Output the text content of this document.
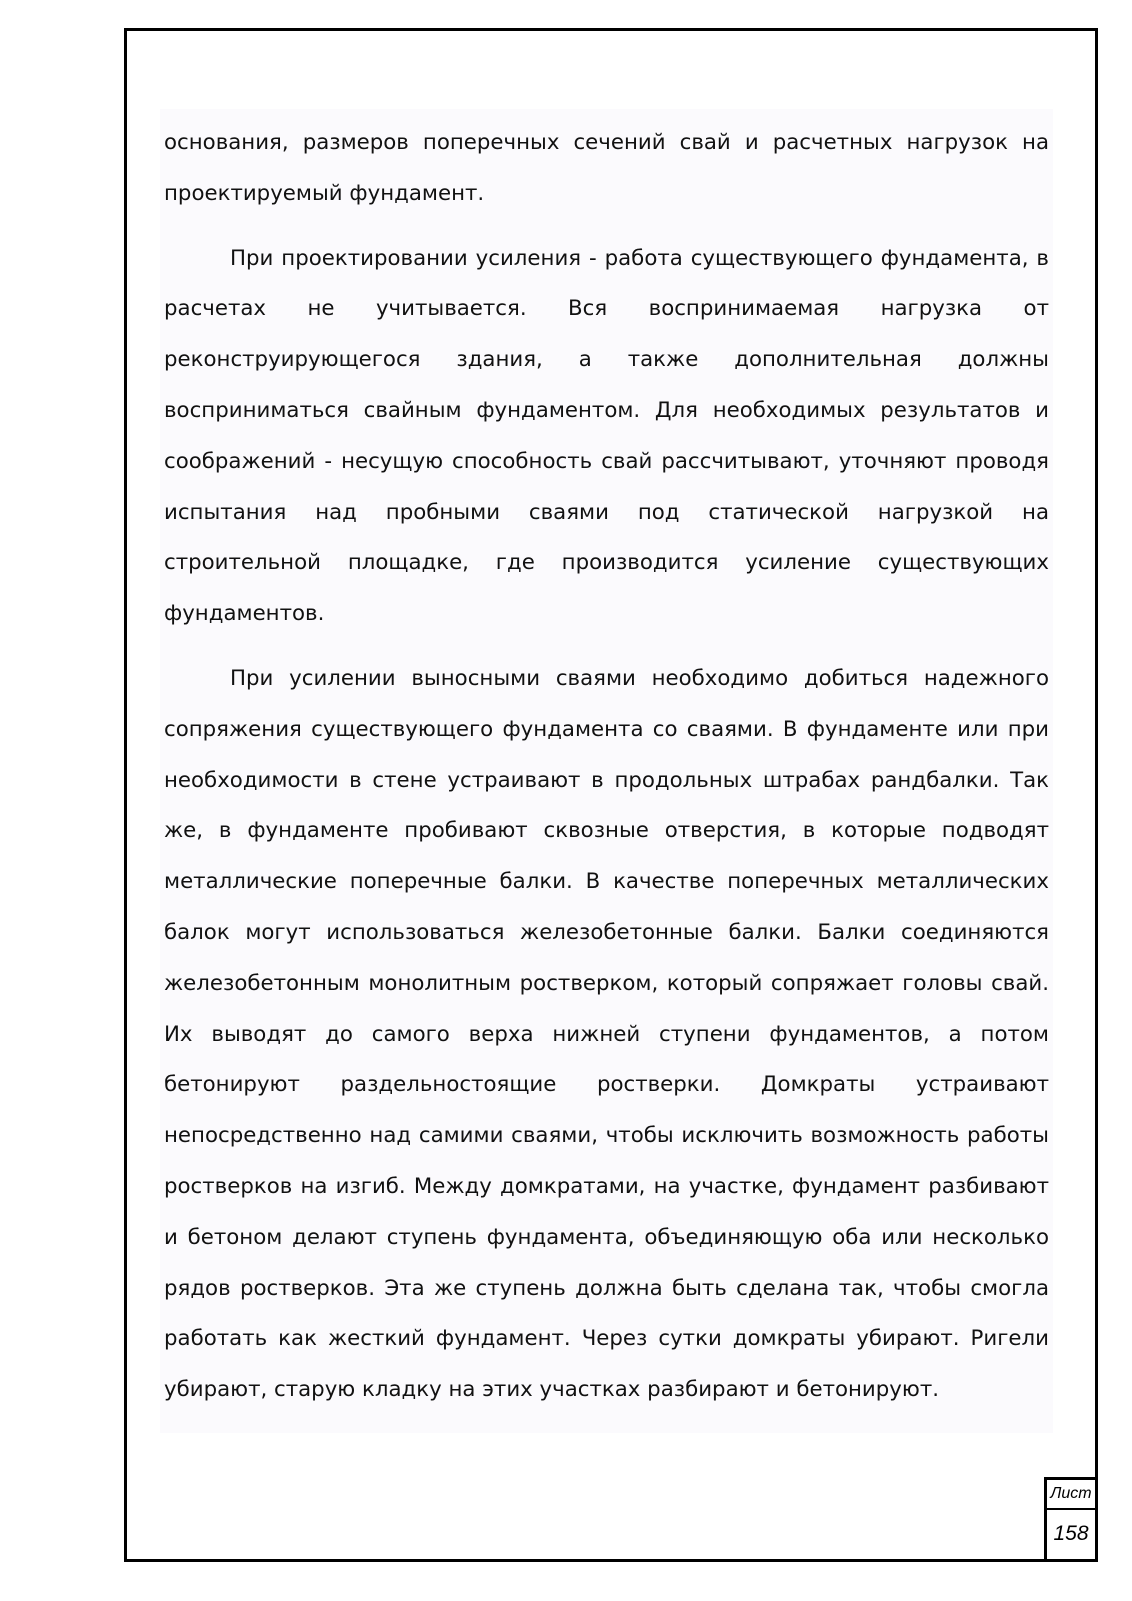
основания, размеров поперечных сечений свай и расчетных нагрузок на проектируемый фундамент.

При проектировании усиления - работа существующего фундамента, в расчетах не учитывается. Вся воспринимаемая нагрузка от реконструирующегося здания, а также дополнительная должны восприниматься свайным фундаментом. Для необходимых результатов и соображений - несущую способность свай рассчитывают, уточняют проводя испытания над пробными сваями под статической нагрузкой на строительной площадке, где производится усиление существующих фундаментов.

При усилении выносными сваями необходимо добиться надежного сопряжения существующего фундамента со сваями. В фундаменте или при необходимости в стене устраивают в продольных штрабах рандбалки. Так же, в фундаменте пробивают сквозные отверстия, в которые подводят металлические поперечные балки. В качестве поперечных металлических балок могут использоваться железобетонные балки. Балки соединяются железобетонным монолитным ростверком, который сопряжает головы свай. Их выводят до самого верха нижней ступени фундаментов, а потом бетонируют раздельностоящие ростверки. Домкраты устраивают непосредственно над самими сваями, чтобы исключить возможность работы ростверков на изгиб. Между домкратами, на участке, фундамент разбивают и бетоном делают ступень фундамента, объединяющую оба или несколько рядов ростверков. Эта же ступень должна быть сделана так, чтобы смогла работать как жесткий фундамент. Через сутки домкраты убирают. Ригели убирают, старую кладку на этих участках разбирают и бетонируют.

Лист
158
